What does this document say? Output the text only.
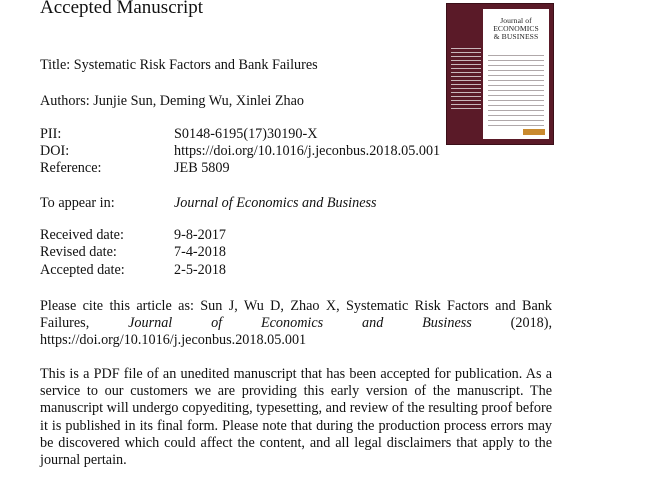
Accepted Manuscript
Title: Systematic Risk Factors and Bank Failures
Authors: Junjie Sun, Deming Wu, Xinlei Zhao
PII:	S0148-6195(17)30190-X
DOI:	https://doi.org/10.1016/j.jeconbus.2018.05.001
Reference:	JEB 5809
To appear in:	Journal of Economics and Business
Received date:	9-8-2017
Revised date:	7-4-2018
Accepted date:	2-5-2018

Please cite this article as: Sun J, Wu D, Zhao X, Systematic Risk Factors and Bank Failures,	Journal of Economics and Business	(2018), https://doi.org/10.1016/j.jeconbus.2018.05.001

This is a PDF file of an unedited manuscript that has been accepted for publication. As a service to our customers we are providing this early version of the manuscript. The manuscript will undergo copyediting, typesetting, and review of the resulting proof before it is published in its final form. Please note that during the production process errors may be discovered which could affect the content, and all legal disclaimers that apply to the journal pertain.

Journal of
ECONOMICS
& BUSINESS
